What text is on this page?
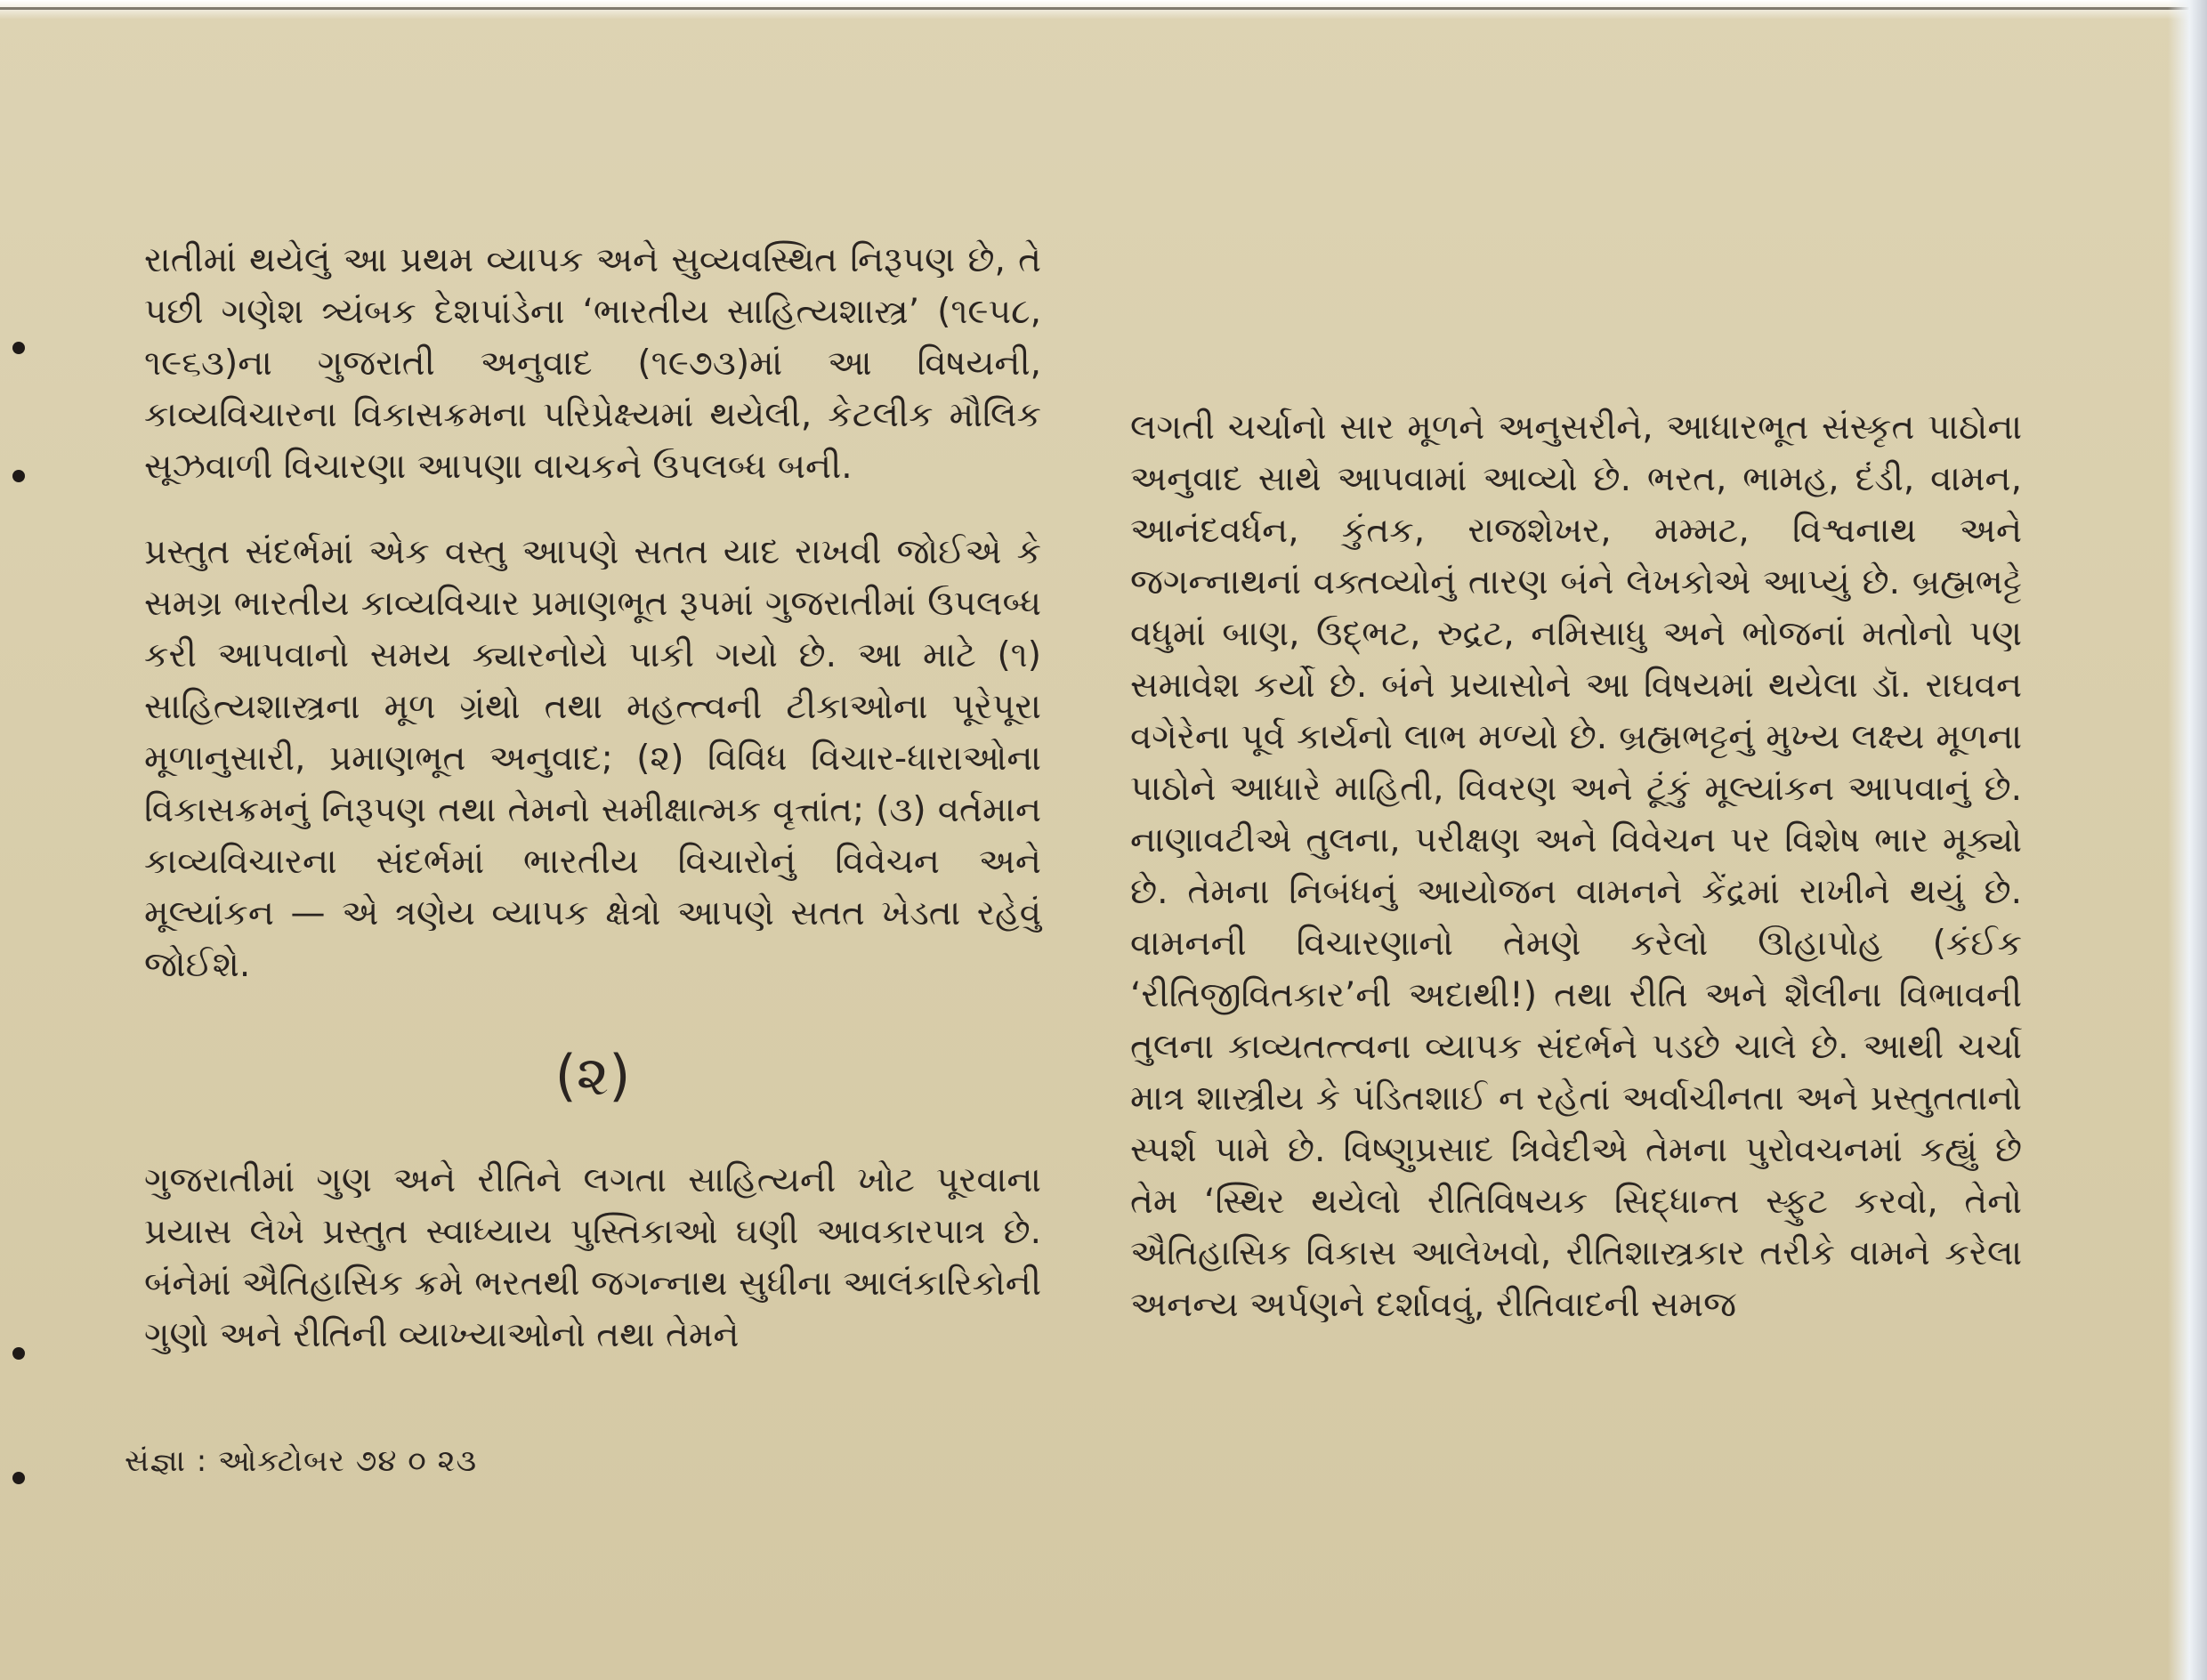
રાતીમાં થયેલું આ પ્રથમ વ્યાપક અને સુવ્યવસ્થિત નિરૂપણ છે, તે પછી ગણેશ ત્ર્યંબક દેશપાંડેના ‘ભારતીય સાહિત્યશાસ્ત્ર’ (૧૯૫૮, ૧૯૬૩)ના ગુજરાતી અનુવાદ (૧૯૭૩)માં આ વિષયની, કાવ્યવિચારના વિકાસક્રમના પરિપ્રેક્ષ્યમાં થયેલી, કેટલીક મૌલિક સૂઝવાળી વિચારણા આપણા વાચકને ઉપલબ્ધ બની.

પ્રસ્તુત સંદર્ભમાં એક વસ્તુ આપણે સતત યાદ રાખવી જોઈએ કે સમગ્ર ભારતીય કાવ્યવિચાર પ્રમાણભૂત રૂપમાં ગુજરાતીમાં ઉપલબ્ધ કરી આપવાનો સમય ક્યારનોયે પાકી ગયો છે. આ માટે (૧) સાહિત્યશાસ્ત્રના મૂળ ગ્રંથો તથા મહત્ત્વની ટીકાઓના પૂરેપૂરા મૂળાનુસારી, પ્રમાણભૂત અનુવાદ; (૨) વિવિધ વિચાર-ધારાઓના વિકાસક્રમનું નિરૂપણ તથા તેમનો સમીક્ષાત્મક વૃત્તાંત; (૩) વર્તમાન કાવ્યવિચારના સંદર્ભમાં ભારતીય વિચારોનું વિવેચન અને મૂલ્યાંકન — એ ત્રણેય વ્યાપક ક્ષેત્રો આપણે સતત ખેડતા રહેવું જોઈશે.

(૨)

ગુજરાતીમાં ગુણ અને રીતિને લગતા સાહિત્યની ખોટ પૂરવાના પ્રયાસ લેખે પ્રસ્તુત સ્વાધ્યાય પુસ્તિકાઓ ઘણી આવકારપાત્ર છે. બંનેમાં ઐતિહાસિક ક્રમે ભરતથી જગન્નાથ સુધીના આલંકારિકોની ગુણો અને રીતિની વ્યાખ્યાઓનો તથા તેમને

લગતી ચર્ચાનો સાર મૂળને અનુસરીને, આધારભૂત સંસ્કૃત પાઠોના અનુવાદ સાથે આપવામાં આવ્યો છે. ભરત, ભામહ, દંડી, વામન, આનંદવર્ધન, કુંતક, રાજશેખર, મમ્મટ, વિશ્વનાથ અને જગન્નાથનાં વક્તવ્યોનું તારણ બંને લેખકોએ આપ્યું છે. બ્રહ્મભટ્ટે વધુમાં બાણ, ઉદ્ભટ, રુદ્રટ, નમિસાધુ અને ભોજનાં મતોનો પણ સમાવેશ કર્યો છે. બંને પ્રયાસોને આ વિષયમાં થયેલા ડૉ. રાઘવન વગેરેના પૂર્વ કાર્યનો લાભ મળ્યો છે. બ્રહ્મભટ્ટનું મુખ્ય લક્ષ્ય મૂળના પાઠોને આધારે માહિતી, વિવરણ અને ટૂંકું મૂલ્યાંકન આપવાનું છે. નાણાવટીએ તુલના, પરીક્ષણ અને વિવેચન પર વિશેષ ભાર મૂક્યો છે. તેમના નિબંધનું આયોજન વામનને કેંદ્રમાં રાખીને થયું છે. વામનની વિચારણાનો તેમણે કરેલો ઊહાપોહ (કંઈક ‘રીતિજીવિતકાર’ની અદાથી!) તથા રીતિ અને શૈલીના વિભાવની તુલના કાવ્યતત્ત્વના વ્યાપક સંદર્ભને પડછે ચાલે છે. આથી ચર્ચા માત્ર શાસ્ત્રીય કે પંડિતશાઈ ન રહેતાં અર્વાચીનતા અને પ્રસ્તુતતાનો સ્પર્શ પામે છે. વિષ્ણુપ્રસાદ ત્રિવેદીએ તેમના પુરોવચનમાં કહ્યું છે તેમ ‘સ્થિર થયેલો રીતિવિષયક સિદ્ધાન્ત સ્ફુટ કરવો, તેનો ઐતિહાસિક વિકાસ આલેખવો, રીતિશાસ્ત્રકાર તરીકે વામને કરેલા અનન્ય અર્પણને દર્શાવવું, રીતિવાદની સમજ

સંજ્ઞા : ઓક્ટોબર ૭૪ ૦ ૨૩
